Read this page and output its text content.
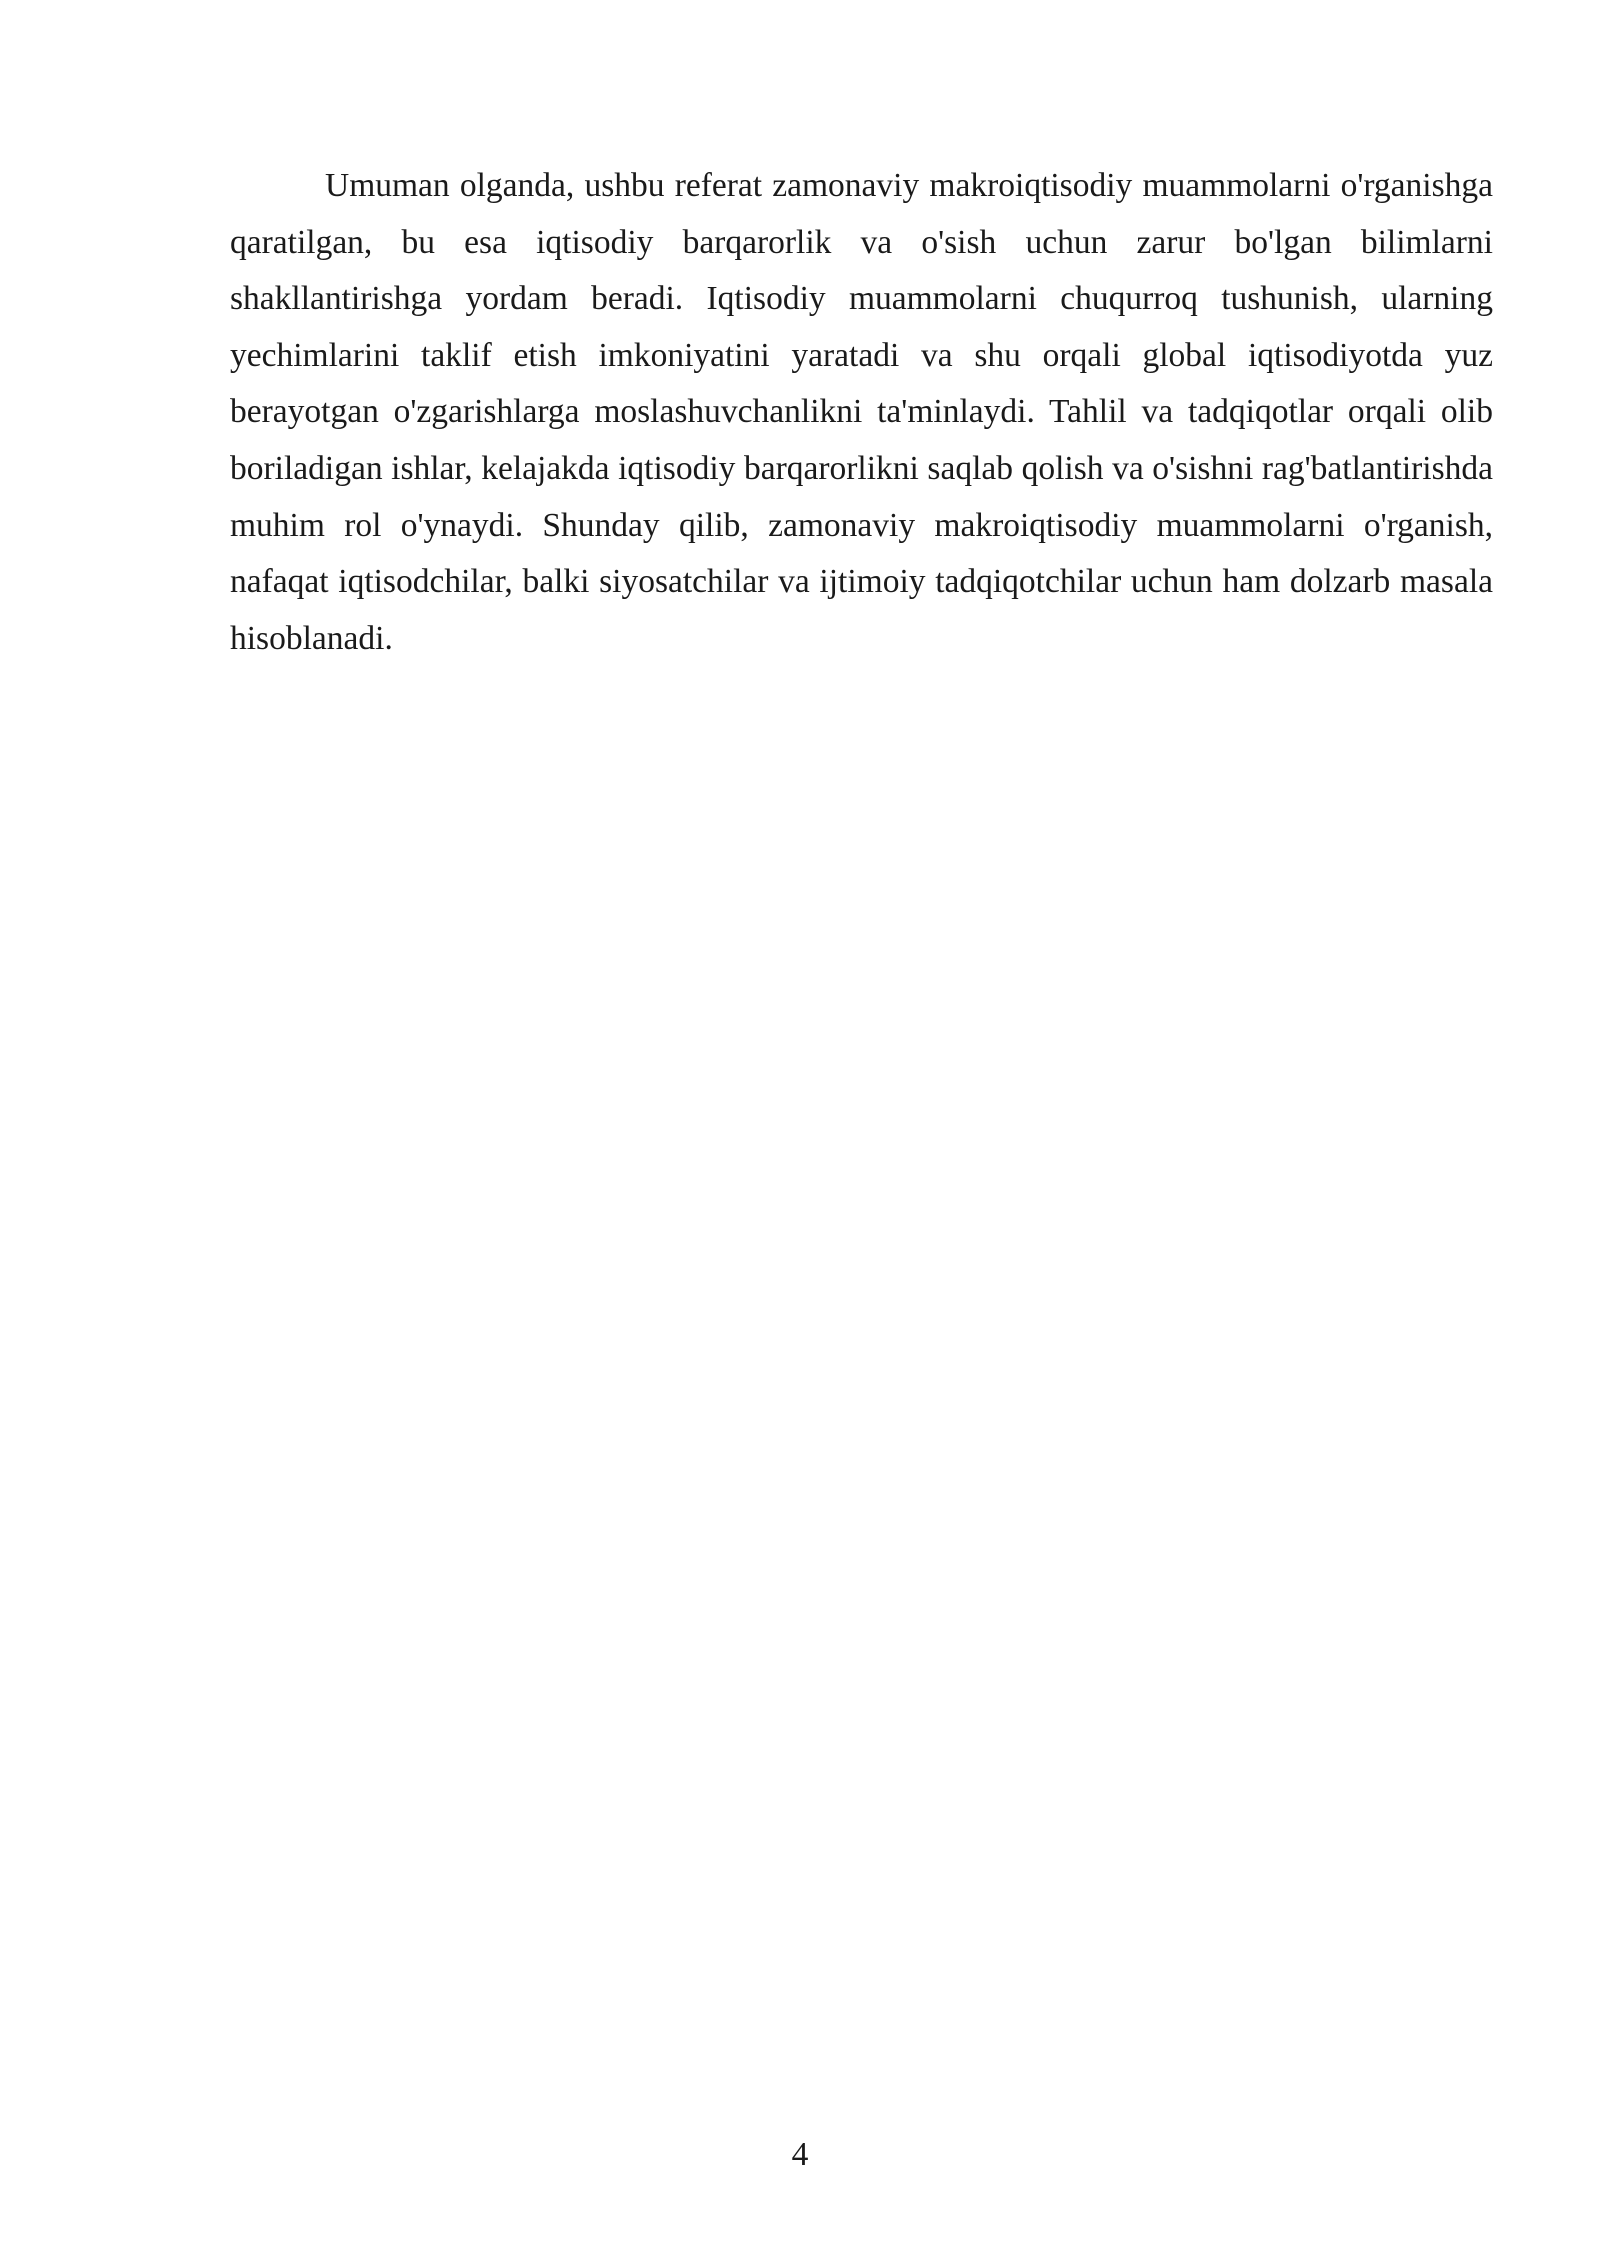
Umuman olganda, ushbu referat zamonaviy makroiqtisodiy muammolarni o'rganishga qaratilgan, bu esa iqtisodiy barqarorlik va o'sish uchun zarur bo'lgan bilimlarni shakllantirishga yordam beradi. Iqtisodiy muammolarni chuqurroq tushunish, ularning yechimlarini taklif etish imkoniyatini yaratadi va shu orqali global iqtisodiyotda yuz berayotgan o'zgarishlarga moslashuvchanlikni ta'minlaydi. Tahlil va tadqiqotlar orqali olib boriladigan ishlar, kelajakda iqtisodiy barqarorlikni saqlab qolish va o'sishni rag'batlantirishda muhim rol o'ynaydi. Shunday qilib, zamonaviy makroiqtisodiy muammolarni o'rganish, nafaqat iqtisodchilar, balki siyosatchilar va ijtimoiy tadqiqotchilar uchun ham dolzarb masala hisoblanadi.

4
